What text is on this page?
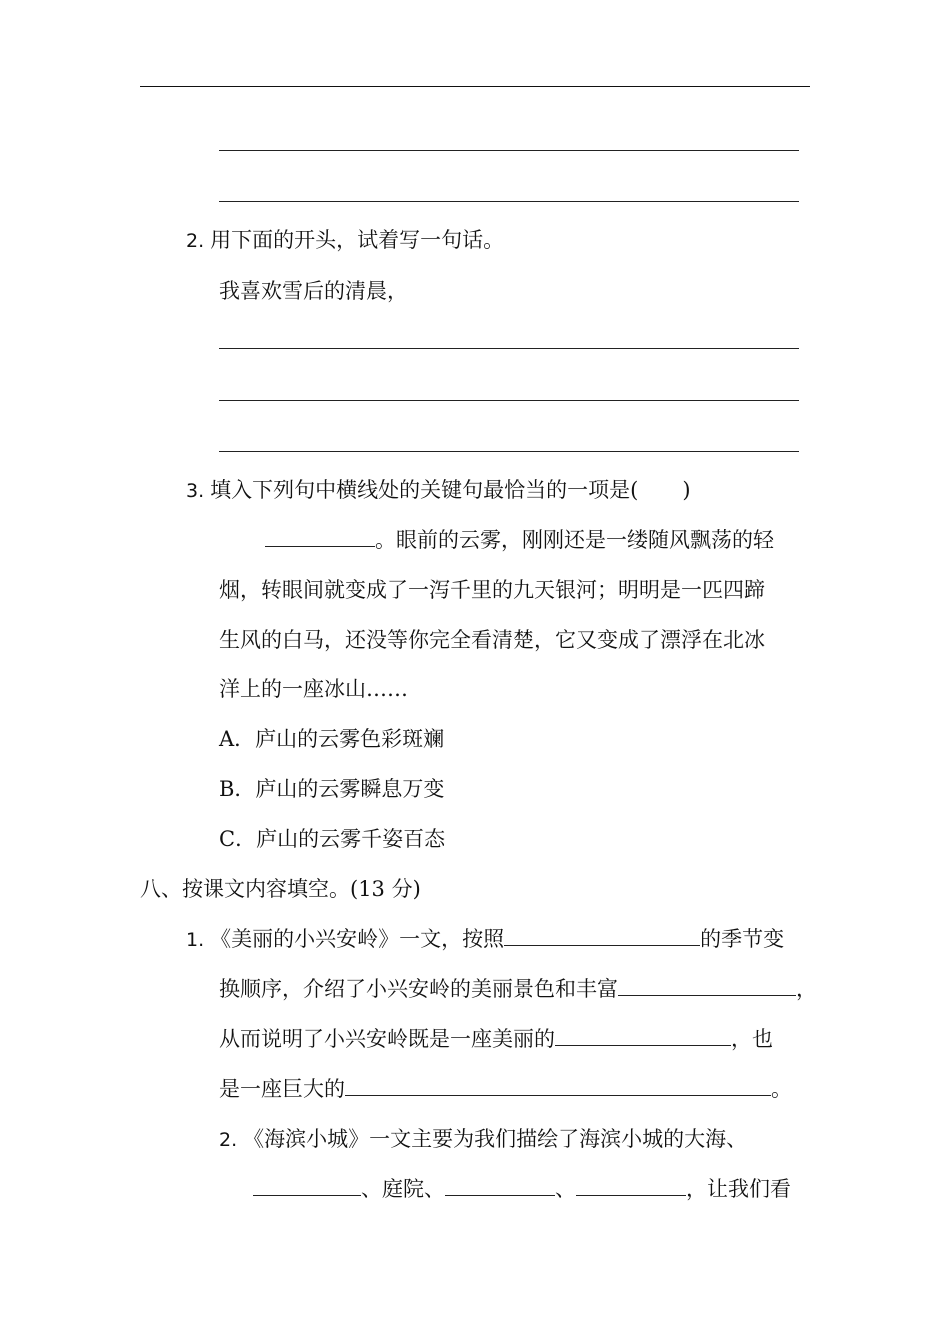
2. 用下面的开头，试着写一句话。
我喜欢雪后的清晨，
3. 填入下列句中横线处的关键句最恰当的一项是( )
。眼前的云雾，刚刚还是一缕随风飘荡的轻
烟，转眼间就变成了一泻千里的九天银河；明明是一匹四蹄
生风的白马，还没等你完全看清楚，它又变成了漂浮在北冰
洋上的一座冰山……
A．庐山的云雾色彩斑斓
B．庐山的云雾瞬息万变
C．庐山的云雾千姿百态
八、按课文内容填空。(13 分)
1. 《美丽的小兴安岭》一文，按照	的季节变
换顺序，介绍了小兴安岭的美丽景色和丰富	，
从而说明了小兴安岭既是一座美丽的	，也
是一座巨大的	。
2. 《海滨小城》一文主要为我们描绘了海滨小城的大海、
、庭院、	、	，让我们看
